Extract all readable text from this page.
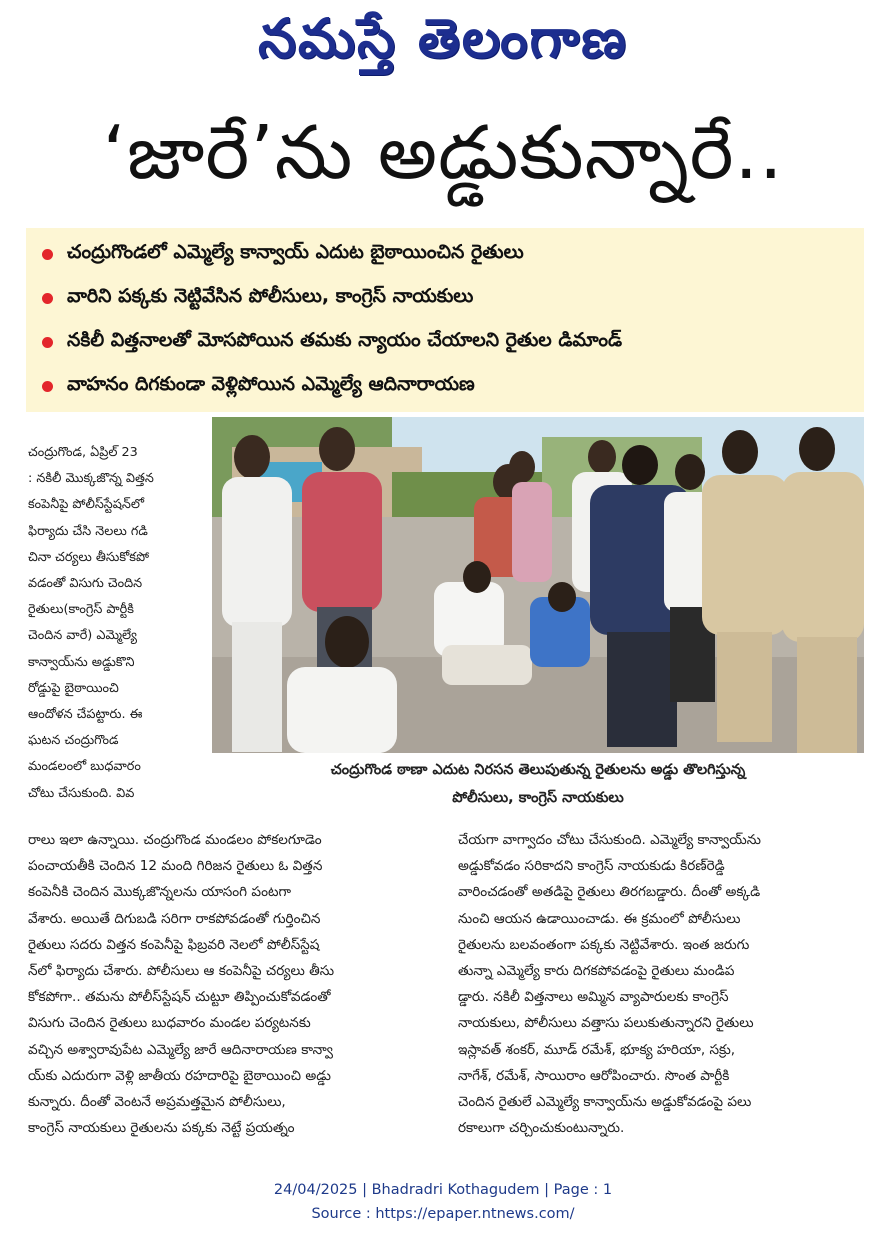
నమస్తే తెలంగాణ
‘జారే’ను అడ్డుకున్నారే..
చంద్రుగొండలో ఎమ్మెల్యే కాన్వాయ్ ఎదుట బైఠాయించిన రైతులు
వారిని పక్కకు నెట్టివేసిన పోలీసులు, కాంగ్రెస్ నాయకులు
నకిలీ విత్తనాలతో మోసపోయిన తమకు న్యాయం చేయాలని రైతుల డిమాండ్
వాహనం దిగకుండా వెళ్లిపోయిన ఎమ్మెల్యే ఆదినారాయణ
చంద్రుగొండ ఠాణా ఎదుట నిరసన తెలుపుతున్న రైతులను అడ్డు తొలగిస్తున్న
పోలీసులు, కాంగ్రెస్ నాయకులు
చంద్రుగొండ, ఏప్రిల్ 23
: నకిలీ మొక్కజొన్న విత్తన
కంపెనీపై పోలీస్‌స్టేషన్‌లో
ఫిర్యాదు చేసి నెలలు గడి
చినా చర్యలు తీసుకోకపో
వడంతో విసుగు చెందిన
రైతులు(కాంగ్రెస్ పార్టీకి
చెందిన వారే) ఎమ్మెల్యే
కాన్వాయ్‌ను అడ్డుకొని
రోడ్డుపై బైఠాయించి
ఆందోళన చేపట్టారు. ఈ
ఘటన చంద్రుగొండ
మండలంలో బుధవారం
చోటు చేసుకుంది. వివ
రాలు ఇలా ఉన్నాయి. చంద్రుగొండ మండలం పోకలగూడెం
పంచాయతీకి చెందిన 12 మంది గిరిజన రైతులు ఓ విత్తన
కంపెనీకి చెందిన మొక్కజొన్నలను యాసంగి పంటగా
వేశారు. అయితే దిగుబడి సరిగా రాకపోవడంతో గుర్తించిన
రైతులు సదరు విత్తన కంపెనీపై ఫిబ్రవరి నెలలో పోలీస్‌స్టేష
న్‌లో ఫిర్యాదు చేశారు. పోలీసులు ఆ కంపెనీపై చర్యలు తీసు
కోకపోగా.. తమను పోలీస్‌స్టేషన్ చుట్టూ తిప్పించుకోవడంతో
విసుగు చెందిన రైతులు బుధవారం మండల పర్యటనకు
వచ్చిన అశ్వారావుపేట ఎమ్మెల్యే జారే ఆదినారాయణ కాన్వా
య్‌కు ఎదురుగా వెళ్లి జాతీయ రహదారిపై బైఠాయించి అడ్డు
కున్నారు. దీంతో వెంటనే అప్రమత్తమైన పోలీసులు,
కాంగ్రెస్ నాయకులు రైతులను పక్కకు నెట్టే ప్రయత్నం
చేయగా వాగ్వాదం చోటు చేసుకుంది. ఎమ్మెల్యే కాన్వాయ్‌ను
అడ్డుకోవడం సరికాదని కాంగ్రెస్ నాయకుడు కిరణ్‌రెడ్డి
వారించడంతో అతడిపై రైతులు తిరగబడ్డారు. దీంతో అక్కడి
నుంచి ఆయన ఉడాయించాడు. ఈ క్రమంలో పోలీసులు
రైతులను బలవంతంగా పక్కకు నెట్టివేశారు. ఇంత జరుగు
తున్నా ఎమ్మెల్యే కారు దిగకపోవడంపై రైతులు మండిప
డ్డారు. నకిలీ విత్తనాలు అమ్మిన వ్యాపారులకు కాంగ్రెస్
నాయకులు, పోలీసులు వత్తాసు పలుకుతున్నారని రైతులు
ఇస్లావత్ శంకర్, మూడ్ రమేశ్, భూక్య హరియా, సక్రు,
నాగేశ్, రమేశ్, సాయిరాం ఆరోపించారు. సొంత పార్టీకి
చెందిన రైతులే ఎమ్మెల్యే కాన్వాయ్‌ను అడ్డుకోవడంపై పలు
రకాలుగా చర్చించుకుంటున్నారు.
24/04/2025 | Bhadradri Kothagudem | Page : 1
Source : https://epaper.ntnews.com/
